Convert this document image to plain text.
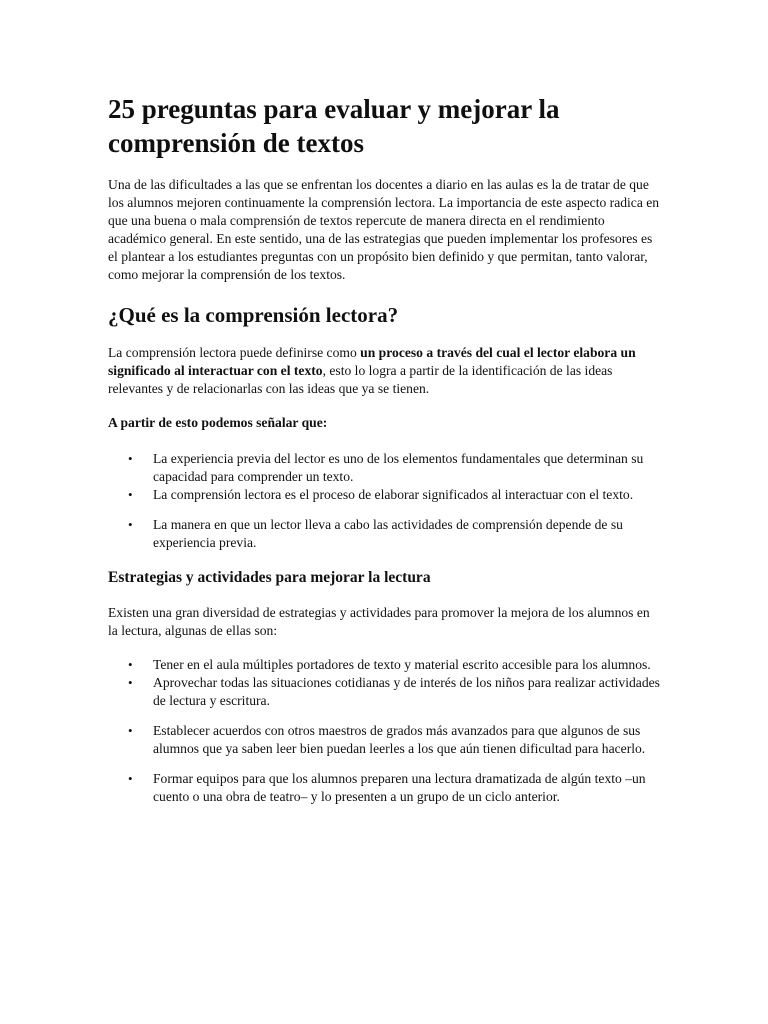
25 preguntas para evaluar y mejorar la comprensión de textos

Una de las dificultades a las que se enfrentan los docentes a diario en las aulas es la de tratar de que los alumnos mejoren continuamente la comprensión lectora. La importancia de este aspecto radica en que una buena o mala comprensión de textos repercute de manera directa en el rendimiento académico general. En este sentido, una de las estrategias que pueden implementar los profesores es el plantear a los estudiantes preguntas con un propósito bien definido y que permitan, tanto valorar, como mejorar la comprensión de los textos.

¿Qué es la comprensión lectora?

La comprensión lectora puede definirse como un proceso a través del cual el lector elabora un significado al interactuar con el texto, esto lo logra a partir de la identificación de las ideas relevantes y de relacionarlas con las ideas que ya se tienen.

A partir de esto podemos señalar que:

• La experiencia previa del lector es uno de los elementos fundamentales que determinan su capacidad para comprender un texto.
• La comprensión lectora es el proceso de elaborar significados al interactuar con el texto.
• La manera en que un lector lleva a cabo las actividades de comprensión depende de su experiencia previa.
Estrategias y actividades para mejorar la lectura

Existen una gran diversidad de estrategias y actividades para promover la mejora de los alumnos en la lectura, algunas de ellas son:

• Tener en el aula múltiples portadores de texto y material escrito accesible para los alumnos.
• Aprovechar todas las situaciones cotidianas y de interés de los niños para realizar actividades de lectura y escritura.
• Establecer acuerdos con otros maestros de grados más avanzados para que algunos de sus alumnos que ya saben leer bien puedan leerles a los que aún tienen dificultad para hacerlo.
• Formar equipos para que los alumnos preparen una lectura dramatizada de algún texto –un cuento o una obra de teatro– y lo presenten a un grupo de un ciclo anterior.
